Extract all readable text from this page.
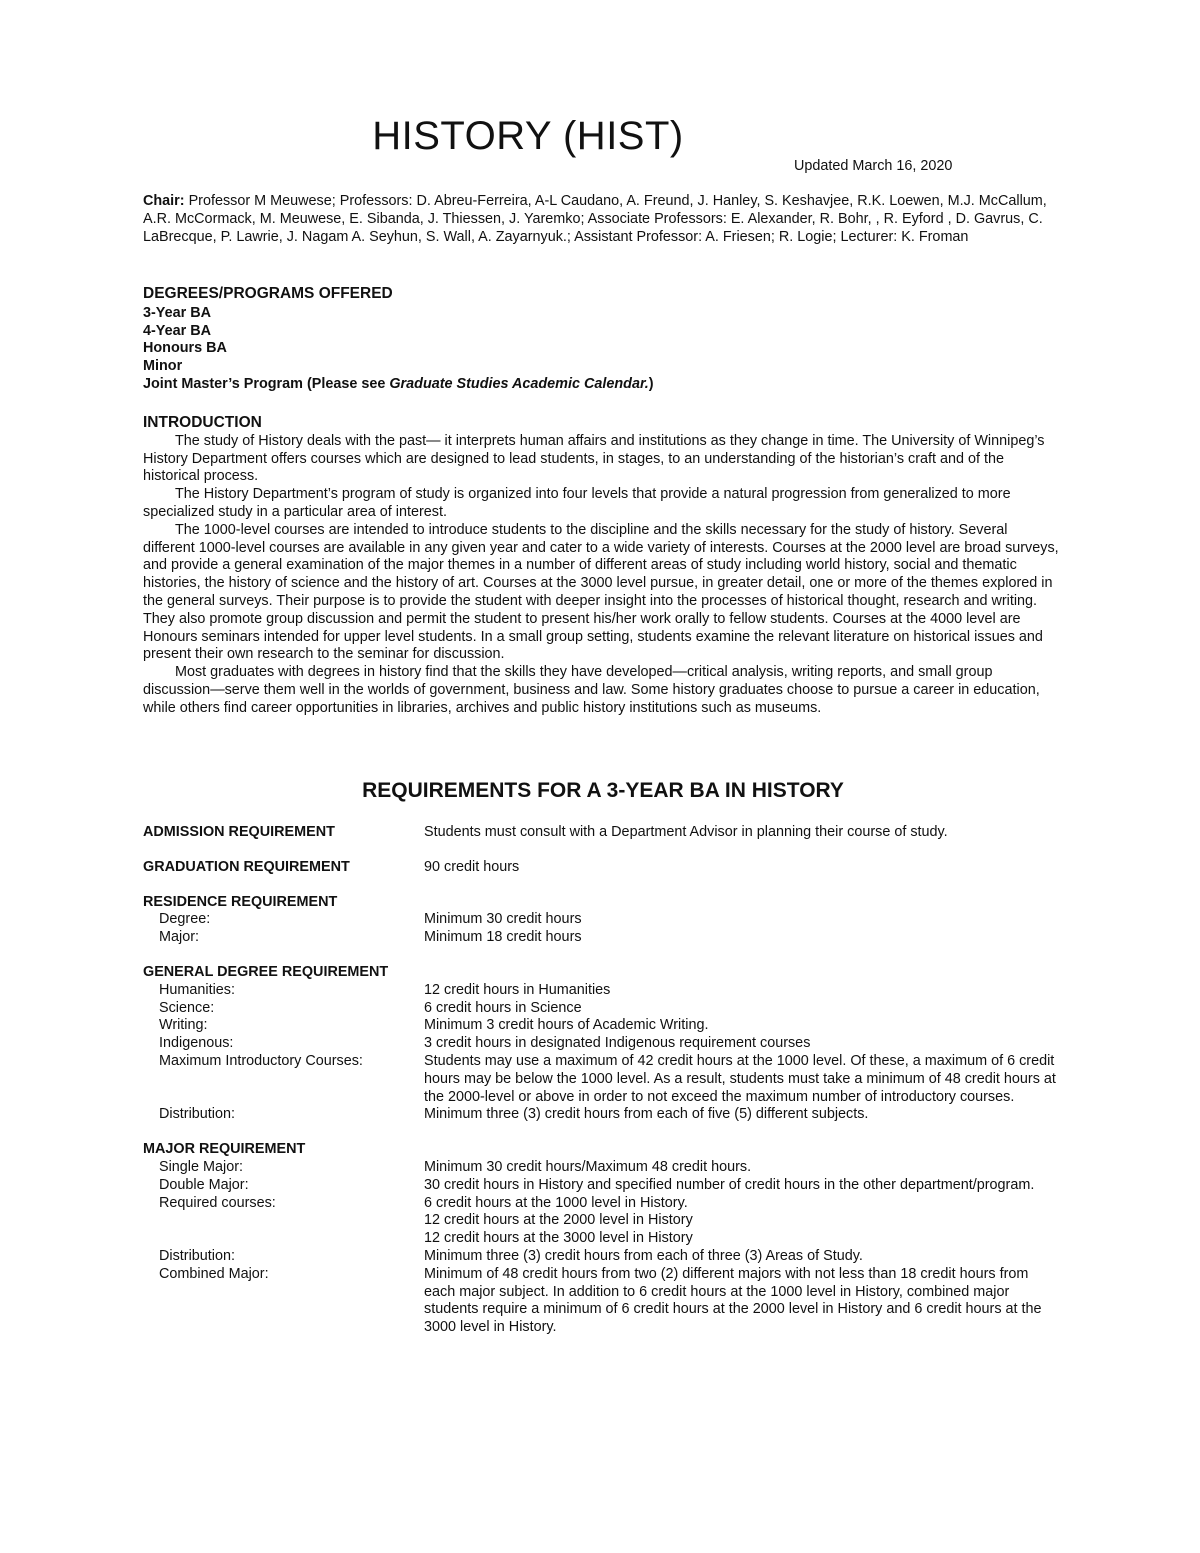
HISTORY (HIST)
Updated March 16, 2020
Chair: Professor M Meuwese; Professors: D. Abreu-Ferreira, A-L Caudano, A. Freund, J. Hanley, S. Keshavjee, R.K. Loewen, M.J. McCallum, A.R. McCormack, M. Meuwese, E. Sibanda, J. Thiessen, J. Yaremko; Associate Professors: E. Alexander, R. Bohr, , R. Eyford , D. Gavrus, C. LaBrecque, P. Lawrie, J. Nagam A. Seyhun, S. Wall, A. Zayarnyuk.; Assistant Professor: A. Friesen; R. Logie; Lecturer: K. Froman
DEGREES/PROGRAMS OFFERED
3-Year BA
4-Year BA
Honours BA
Minor
Joint Master’s Program (Please see Graduate Studies Academic Calendar.)
INTRODUCTION

The study of History deals with the past— it interprets human affairs and institutions as they change in time. The University of Winnipeg’s History Department offers courses which are designed to lead students, in stages, to an understanding of the historian’s craft and of the historical process.

The History Department’s program of study is organized into four levels that provide a natural progression from generalized to more specialized study in a particular area of interest.

The 1000-level courses are intended to introduce students to the discipline and the skills necessary for the study of history. Several different 1000-level courses are available in any given year and cater to a wide variety of interests. Courses at the 2000 level are broad surveys, and provide a general examination of the major themes in a number of different areas of study including world history, social and thematic histories, the history of science and the history of art. Courses at the 3000 level pursue, in greater detail, one or more of the themes explored in the general surveys. Their purpose is to provide the student with deeper insight into the processes of historical thought, research and writing. They also promote group discussion and permit the student to present his/her work orally to fellow students. Courses at the 4000 level are Honours seminars intended for upper level students. In a small group setting, students examine the relevant literature on historical issues and present their own research to the seminar for discussion.

Most graduates with degrees in history find that the skills they have developed—critical analysis, writing reports, and small group discussion—serve them well in the worlds of government, business and law. Some history graduates choose to pursue a career in education, while others find career opportunities in libraries, archives and public history institutions such as museums.

REQUIREMENTS FOR A 3-YEAR BA IN HISTORY
ADMISSION REQUIREMENT	Students must consult with a Department Advisor in planning their course of study.
GRADUATION REQUIREMENT	90 credit hours
RESIDENCE REQUIREMENT
Degree:	Minimum 30 credit hours
Major:	Minimum 18 credit hours
GENERAL DEGREE REQUIREMENT
Humanities:	12 credit hours in Humanities
Science:	6 credit hours in Science
Writing:	Minimum 3 credit hours of Academic Writing.
Indigenous:	3 credit hours in designated Indigenous requirement courses
Maximum Introductory Courses:	Students may use a maximum of 42 credit hours at the 1000 level. Of these, a maximum of 6 credit hours may be below the 1000 level. As a result, students must take a minimum of 48 credit hours at the 2000-level or above in order to not exceed the maximum number of introductory courses.
Distribution:	Minimum three (3) credit hours from each of five (5) different subjects.
MAJOR REQUIREMENT
Single Major:	Minimum 30 credit hours/Maximum 48 credit hours.
Double Major:	30 credit hours in History and specified number of credit hours in the other department/program.
Required courses:	6 credit hours at the 1000 level in History.
12 credit hours at the 2000 level in History
12 credit hours at the 3000 level in History
Distribution:	Minimum three (3) credit hours from each of three (3) Areas of Study.
Combined Major:	Minimum of 48 credit hours from two (2) different majors with not less than 18 credit hours from each major subject. In addition to 6 credit hours at the 1000 level in History, combined major students require a minimum of 6 credit hours at the 2000 level in History and 6 credit hours at the 3000 level in History.
